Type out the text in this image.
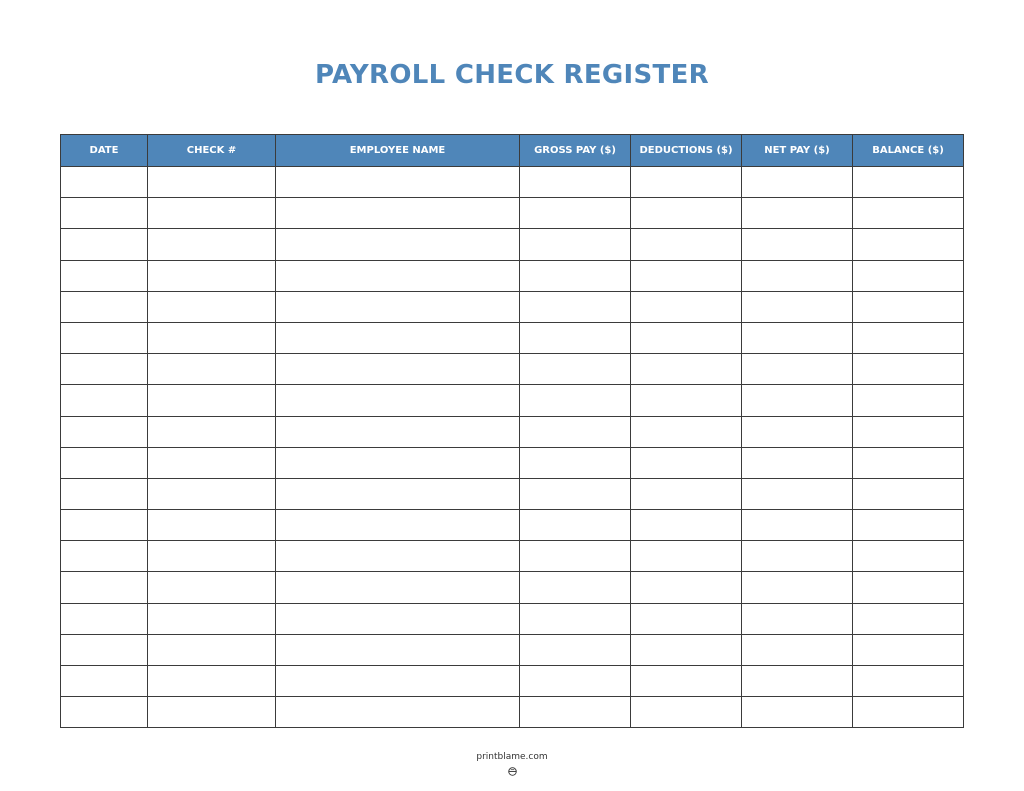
PAYROLL CHECK REGISTER
DATE	CHECK #	EMPLOYEE NAME	GROSS PAY ($)	DEDUCTIONS ($)	NET PAY ($)	BALANCE ($)

printblame.com
